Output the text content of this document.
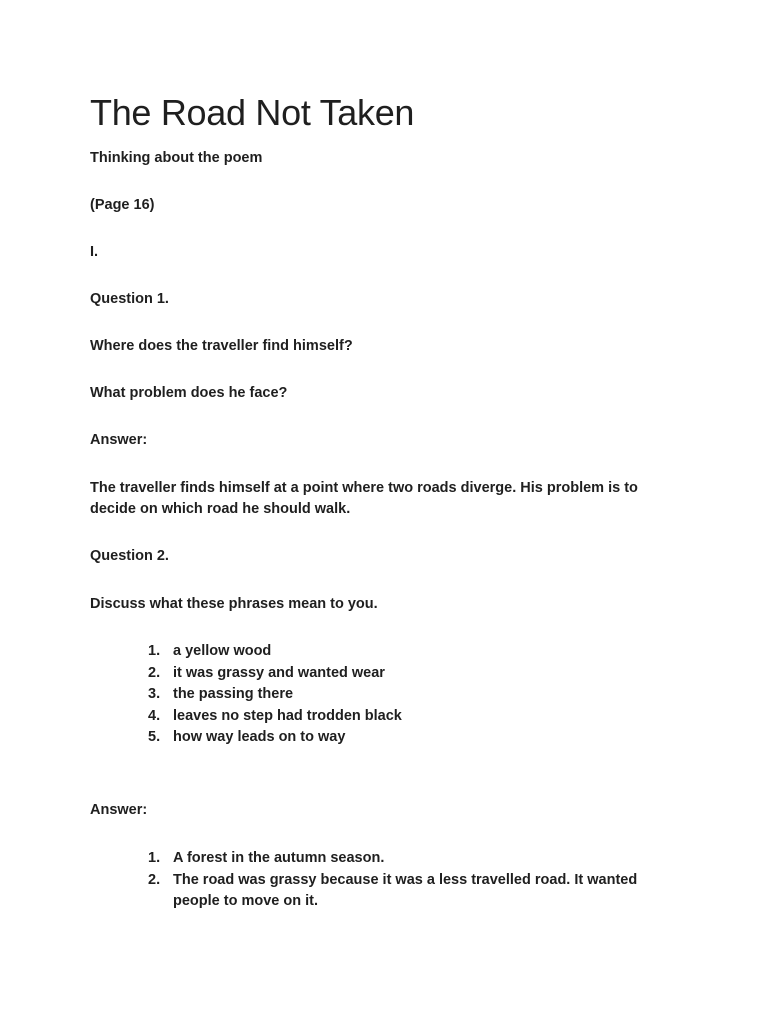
The Road Not Taken

Thinking about the poem

(Page 16)

I.

Question 1.

Where does the traveller find himself?

What problem does he face?

Answer:

The traveller finds himself at a point where two roads diverge. His problem is to decide on which road he should walk.

Question 2.

Discuss what these phrases mean to you.

1. a yellow wood
2. it was grassy and wanted wear
3. the passing there
4. leaves no step had trodden black
5. how way leads on to way

Answer:

1. A forest in the autumn season.
2. The road was grassy because it was a less travelled road. It wanted people to move on it.
